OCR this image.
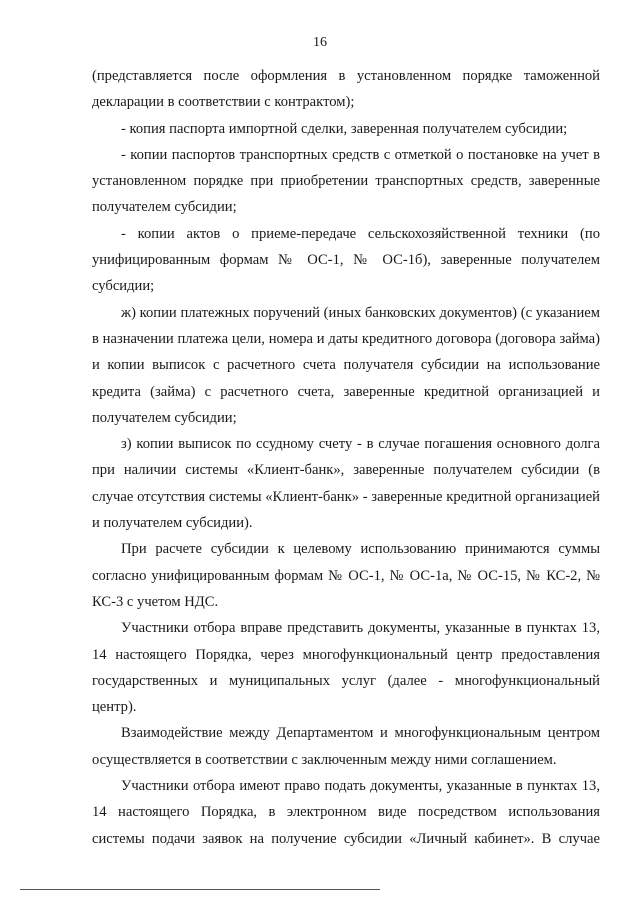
16

(представляется после оформления в установленном порядке таможенной декларации в соответствии с контрактом);

- копия паспорта импортной сделки, заверенная получателем субсидии;

- копии паспортов транспортных средств с отметкой о постановке на учет в установленном порядке при приобретении транспортных средств, заверенные получателем субсидии;

- копии актов о приеме-передаче сельскохозяйственной техники (по унифицированным формам № ОС-1, № ОС-1б), заверенные получателем субсидии;

ж) копии платежных поручений (иных банковских документов) (с указанием в назначении платежа цели, номера и даты кредитного договора (договора займа) и копии выписок с расчетного счета получателя субсидии на использование кредита (займа) с расчетного счета, заверенные кредитной организацией и получателем субсидии;

з) копии выписок по ссудному счету - в случае погашения основного долга при наличии системы «Клиент-банк», заверенные получателем субсидии (в случае отсутствия системы «Клиент-банк» - заверенные кредитной организацией и получателем субсидии).

При расчете субсидии к целевому использованию принимаются суммы согласно унифицированным формам № ОС-1, № ОС-1а, № ОС-15, № КС-2, № КС-3 с учетом НДС.

Участники отбора вправе представить документы, указанные в пунктах 13, 14 настоящего Порядка, через многофункциональный центр предоставления государственных и муниципальных услуг (далее - многофункциональный центр).

Взаимодействие между Департаментом и многофункциональным центром осуществляется в соответствии с заключенным между ними соглашением.

Участники отбора имеют право подать документы, указанные в пунктах 13, 14 настоящего Порядка, в электронном виде посредством использования системы подачи заявок на получение субсидии «Личный кабинет». В случае
